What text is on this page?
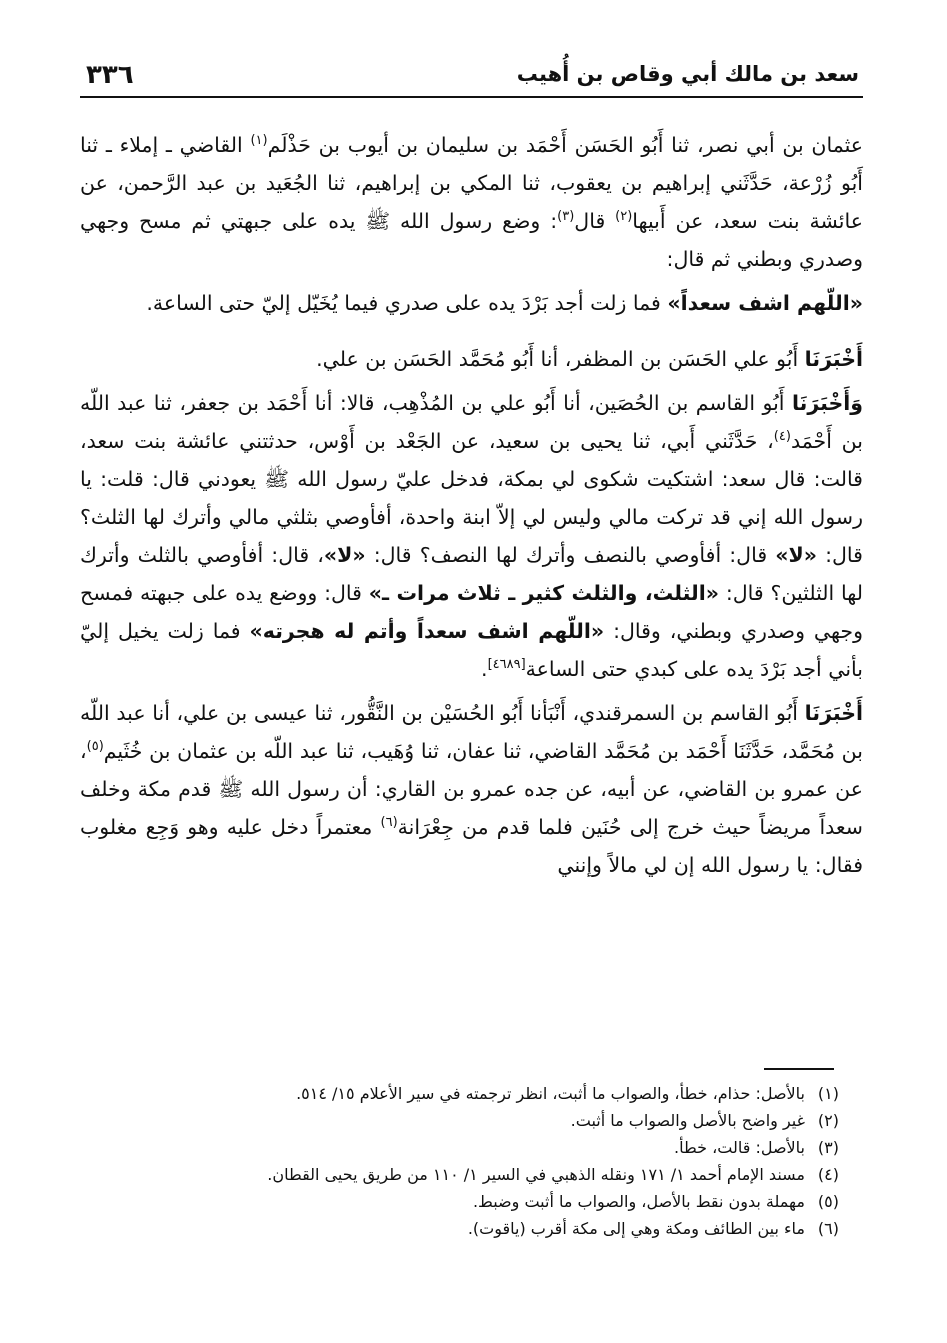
٣٣٦	سعد بن مالك أبي وقاص بن أُهيب

عثمان بن أبي نصر، ثنا أَبُو الحَسَن أَحْمَد بن سليمان بن أيوب بن حَذْلَم$^{(١)}$ القاضي ـ إملاء ـ ثنا أَبُو زُرْعة، حَدَّثَني إبراهيم بن يعقوب، ثنا المكي بن إبراهيم، ثنا الجُعَيد بن عبد الرَّحمن، عن عائشة بنت سعد، عن أَبيها$^{(٢)}$ قال$^{(٣)}$: وضع رسول الله ﷺ يده على جبهتي ثم مسح وجهي وصدري وبطني ثم قال:

«اللّهم اشف سعداً» فما زلت أجد بَرْدَ يده على صدري فيما يُخَيّل إليّ حتى الساعة.

أَخْبَرَنَا أَبُو علي الحَسَن بن المظفر، أنا أَبُو مُحَمَّد الحَسَن بن علي.

وَأَخْبَرَنَا أَبُو القاسم بن الحُصَين، أنا أَبُو علي بن المُذْهِب، قالا: أنا أَحْمَد بن جعفر، ثنا عبد اللّه بن أَحْمَد$^{(٤)}$، حَدَّثَني أَبي، ثنا يحيى بن سعيد، عن الجَعْد بن أَوْس، حدثتني عائشة بنت سعد، قالت: قال سعد: اشتكيت شكوى لي بمكة، فدخل عليّ رسول الله ﷺ يعودني قال: قلت: يا رسول الله إني قد تركت مالي وليس لي إلاّ ابنة واحدة، أفأوصي بثلثي مالي وأترك لها الثلث؟ قال: «لا» قال: أفأوصي بالنصف وأترك لها النصف؟ قال: «لا»، قال: أفأوصي بالثلث وأترك لها الثلثين؟ قال: «الثلث، والثلث كثير ـ ثلاث مرات ـ» قال: ووضع يده على جبهته فمسح وجهي وصدري وبطني، وقال: «اللّهم اشف سعداً وأتم له هجرته» فما زلت يخيل إليّ بأني أجد بَرْدَ يده على كبدي حتى الساعة[٤٦٨٩].

أَخْبَرَنَا أَبُو القاسم بن السمرقندي، أَنْبَأنا أَبُو الحُسَيْن بن النَّقُّور، ثنا عيسى بن علي، أنا عبد اللّه بن مُحَمَّد، حَدَّثَنَا أَحْمَد بن مُحَمَّد القاضي، ثنا عفان، ثنا وُهَيب، ثنا عبد اللّه بن عثمان بن خُثَيم$^{(٥)}$، عن عمرو بن القاضي، عن أبيه، عن جده عمرو بن القاري: أن رسول الله ﷺ قدم مكة وخلف سعداً مريضاً حيث خرج إلى حُنَين فلما قدم من جِعْرَانة$^{(٦)}$ معتمراً دخل عليه وهو وَجِع مغلوب فقال: يا رسول الله إن لي مالاً وإنني

(١)
بالأصل: حذام، خطأ، والصواب ما أثبت، انظر ترجمته في سير الأعلام ١٥/ ٥١٤.
(٢)
غير واضح بالأصل والصواب ما أثبت.
(٣)
بالأصل: قالت، خطأ.
(٤)
مسند الإمام أحمد ١/ ١٧١ ونقله الذهبي في السير ١/ ١١٠ من طريق يحيى القطان.
(٥)
مهملة بدون نقط بالأصل، والصواب ما أثبت وضبط.
(٦)
ماء بين الطائف ومكة وهي إلى مكة أقرب (ياقوت).
